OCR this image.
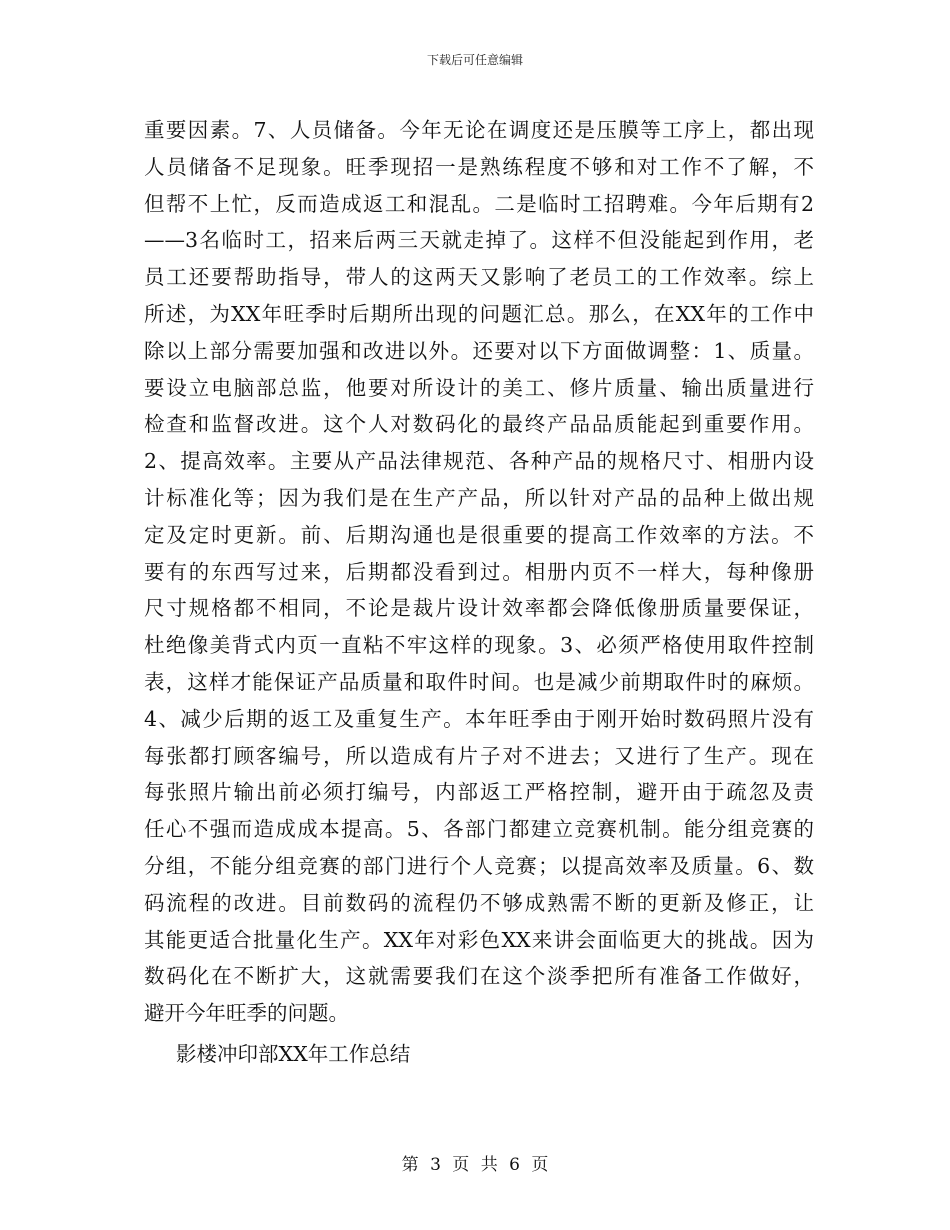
下载后可任意编辑
重要因素。7、人员储备。今年无论在调度还是压膜等工序上，都出现
人员储备不足现象。旺季现招一是熟练程度不够和对工作不了解，不
但帮不上忙，反而造成返工和混乱。二是临时工招聘难。今年后期有2
——3名临时工，招来后两三天就走掉了。这样不但没能起到作用，老
员工还要帮助指导，带人的这两天又影响了老员工的工作效率。综上
所述，为XX年旺季时后期所出现的问题汇总。那么，在XX年的工作中
除以上部分需要加强和改进以外。还要对以下方面做调整：1、质量。
要设立电脑部总监，他要对所设计的美工、修片质量、输出质量进行
检查和监督改进。这个人对数码化的最终产品品质能起到重要作用。
2、提高效率。主要从产品法律规范、各种产品的规格尺寸、相册内设
计标准化等；因为我们是在生产产品，所以针对产品的品种上做出规
定及定时更新。前、后期沟通也是很重要的提高工作效率的方法。不
要有的东西写过来，后期都没看到过。相册内页不一样大，每种像册
尺寸规格都不相同，不论是裁片设计效率都会降低像册质量要保证，
杜绝像美背式内页一直粘不牢这样的现象。3、必须严格使用取件控制
表，这样才能保证产品质量和取件时间。也是减少前期取件时的麻烦。
4、减少后期的返工及重复生产。本年旺季由于刚开始时数码照片没有
每张都打顾客编号，所以造成有片子对不进去；又进行了生产。现在
每张照片输出前必须打编号，内部返工严格控制，避开由于疏忽及责
任心不强而造成成本提高。5、各部门都建立竞赛机制。能分组竞赛的
分组，不能分组竞赛的部门进行个人竞赛；以提高效率及质量。6、数
码流程的改进。目前数码的流程仍不够成熟需不断的更新及修正，让
其能更适合批量化生产。XX年对彩色XX来讲会面临更大的挑战。因为
数码化在不断扩大，这就需要我们在这个淡季把所有准备工作做好，
避开今年旺季的问题。
影楼冲印部XX年工作总结
第 3 页 共 6 页
